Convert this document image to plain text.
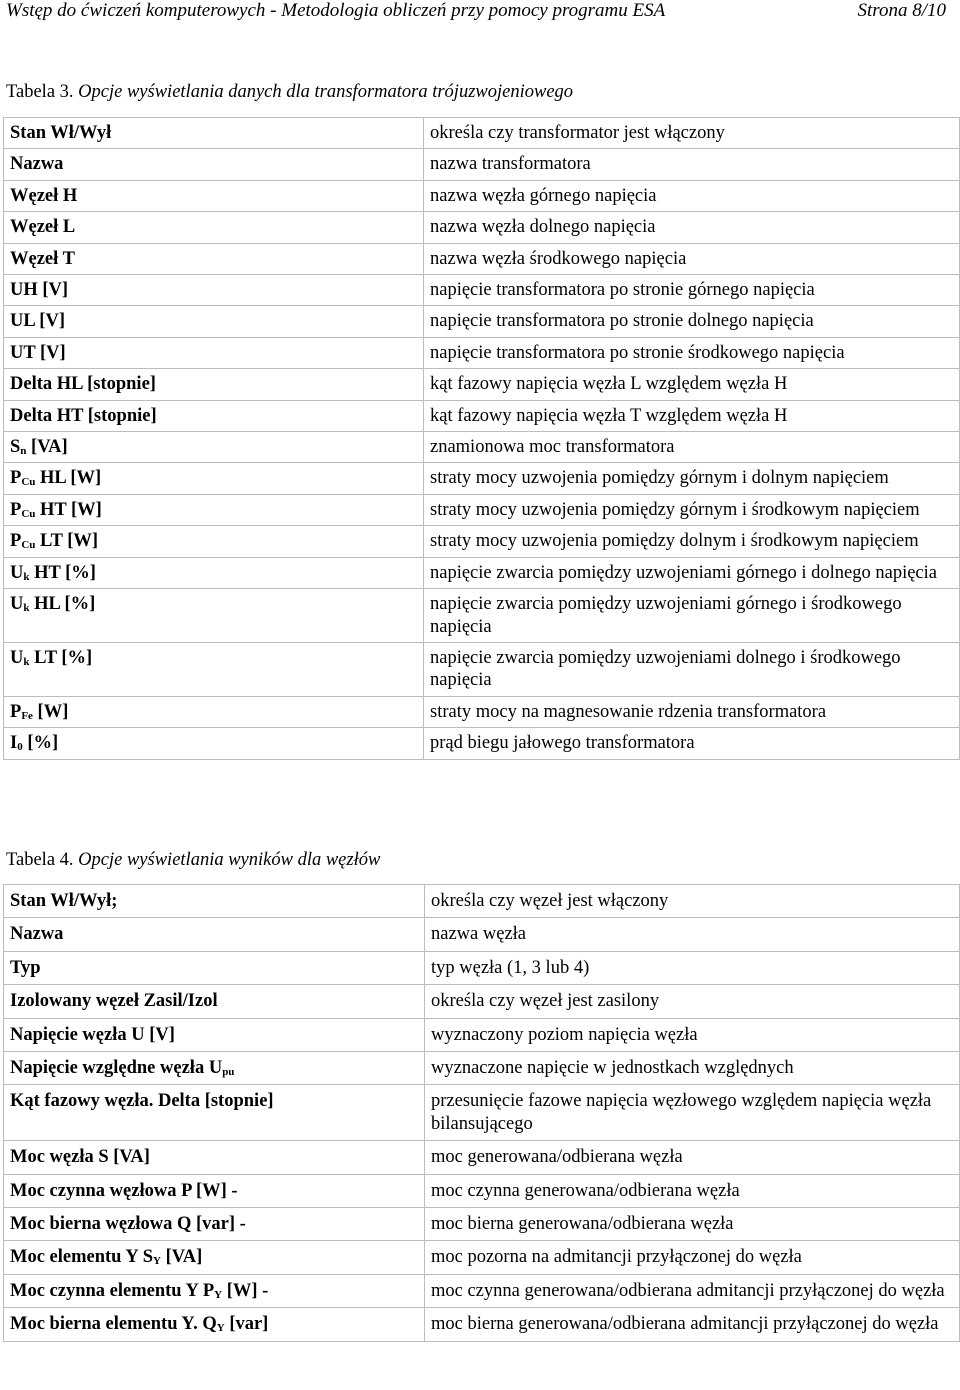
Wstęp do ćwiczeń komputerowych - Metodologia obliczeń przy pomocy programu ESA	Strona 8/10
Tabela 3. Opcje wyświetlania danych dla transformatora trójuzwojeniowego
Stan Wł/Wył	określa czy transformator jest włączony
Nazwa	nazwa transformatora
Węzeł H	nazwa węzła górnego napięcia
Węzeł L	nazwa węzła dolnego napięcia
Węzeł T	nazwa węzła środkowego napięcia
UH [V]	napięcie transformatora po stronie górnego napięcia
UL [V]	napięcie transformatora po stronie dolnego napięcia
UT [V]	napięcie transformatora po stronie środkowego napięcia
Delta HL [stopnie]	kąt fazowy napięcia węzła L względem węzła H
Delta HT [stopnie]	kąt fazowy napięcia węzła T względem węzła H
Sn [VA]	znamionowa moc transformatora
PCu HL [W]	straty mocy uzwojenia pomiędzy górnym i dolnym napięciem
PCu HT [W]	straty mocy uzwojenia pomiędzy górnym i środkowym napięciem
PCu LT [W]	straty mocy uzwojenia pomiędzy dolnym i środkowym napięciem
Uk HT [%]	napięcie zwarcia pomiędzy uzwojeniami górnego i dolnego napięcia
Uk HL [%]	napięcie zwarcia pomiędzy uzwojeniami górnego i środkowego napięcia
Uk LT [%]	napięcie zwarcia pomiędzy uzwojeniami dolnego i środkowego napięcia
PFe [W]	straty mocy na magnesowanie rdzenia transformatora
I0 [%]	prąd biegu jałowego transformatora
Tabela 4. Opcje wyświetlania wyników dla węzłów
Stan Wł/Wył;	określa czy węzeł jest włączony
Nazwa	nazwa węzła
Typ	typ węzła (1, 3 lub 4)
Izolowany węzeł Zasil/Izol	określa czy węzeł jest zasilony
Napięcie węzła U [V]	wyznaczony poziom napięcia węzła
Napięcie względne węzła Upu	wyznaczone napięcie w jednostkach względnych
Kąt fazowy węzła. Delta [stopnie]	przesunięcie fazowe napięcia węzłowego względem napięcia węzła bilansującego
Moc węzła S [VA]	moc generowana/odbierana węzła
Moc czynna węzłowa P [W] -	moc czynna generowana/odbierana węzła
Moc bierna węzłowa Q [var] -	moc bierna generowana/odbierana węzła
Moc elementu Y SY [VA]	moc pozorna na admitancji przyłączonej do węzła
Moc czynna elementu Y PY [W] -	moc czynna generowana/odbierana admitancji przyłączonej do węzła
Moc bierna elementu Y. QY [var]	moc bierna generowana/odbierana admitancji przyłączonej do węzła
